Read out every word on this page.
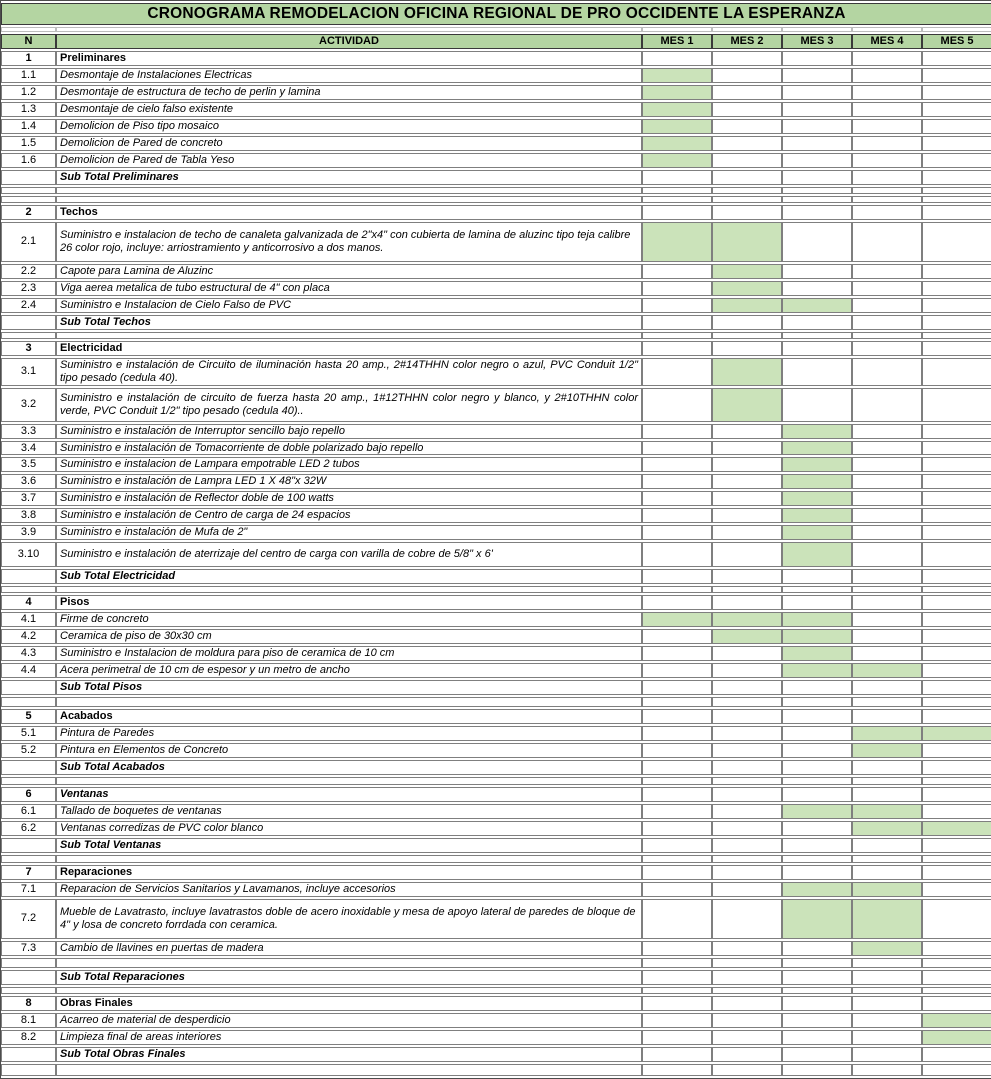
CRONOGRAMA REMODELACION OFICINA REGIONAL DE PRO OCCIDENTE LA ESPERANZA						

N	ACTIVIDAD	MES 1	MES 2	MES 3	MES 4	MES 5
1	Preliminares					
1.1	Desmontaje de Instalaciones Electricas					
1.2	Desmontaje de estructura de techo de perlin y lamina					
1.3	Desmontaje de cielo falso existente					
1.4	Demolicion de Piso tipo mosaico					
1.5	Demolicion de Pared de concreto					
1.6	Demolicion de Pared de Tabla Yeso					
	Sub Total Preliminares					

2	Techos					
2.1	Suministro e instalacion de techo de canaleta galvanizada de 2"x4" con cubierta de lamina de aluzinc tipo teja calibre 26 color rojo, incluye: arriostramiento y anticorrosivo a dos manos.					
2.2	Capote para Lamina de Aluzinc					
2.3	Viga aerea metalica de tubo estructural de 4" con placa					
2.4	Suministro e Instalacion de Cielo Falso de PVC					
	Sub Total Techos					

3	Electricidad					
3.1	Suministro e instalación de Circuito de iluminación hasta 20 amp., 2#14THHN color negro o azul, PVC Conduit 1/2" tipo pesado (cedula 40).					
3.2	Suministro e instalación de circuito de fuerza hasta 20 amp., 1#12THHN color negro y blanco, y 2#10THHN color verde, PVC Conduit 1/2" tipo pesado (cedula 40)..					
3.3	Suministro e instalación de Interruptor sencillo bajo repello					
3.4	Suministro e instalación de Tomacorriente de doble polarizado bajo repello					
3.5	Suministro e instalacion de Lampara empotrable LED 2 tubos					
3.6	Suministro e instalación de Lampra LED 1 X 48"x 32W					
3.7	Suministro e instalación de Reflector doble de 100 watts					
3.8	Suministro e instalación de Centro de carga de 24 espacios					
3.9	Suministro e instalación de Mufa de 2"					
3.10	Suministro e instalación de aterrizaje del centro de carga con varilla de cobre de 5/8" x 6'					
	Sub Total Electricidad					

4	Pisos					
4.1	Firme de concreto					
4.2	Ceramica de piso de 30x30 cm					
4.3	Suministro e Instalacion de moldura para piso de ceramica de 10 cm					
4.4	Acera perimetral de 10 cm de espesor y un metro de ancho					
	Sub Total Pisos					

5	Acabados					
5.1	Pintura de Paredes					
5.2	Pintura en Elementos de Concreto					
	Sub Total Acabados					

6	Ventanas					
6.1	Tallado de boquetes de ventanas					
6.2	Ventanas corredizas de PVC color blanco					
	Sub Total Ventanas					

7	Reparaciones					
7.1	Reparacion de Servicios Sanitarios y Lavamanos, incluye accesorios					
7.2	Mueble de Lavatrasto, incluye lavatrastos doble de acero inoxidable y mesa de apoyo lateral de paredes de bloque de 4" y losa de concreto forrdada con ceramica.					
7.3	Cambio de llavines en puertas de madera					

	Sub Total Reparaciones					

8	Obras Finales					
8.1	Acarreo de material de desperdicio					
8.2	Limpieza final de areas interiores					
	Sub Total Obras Finales					
